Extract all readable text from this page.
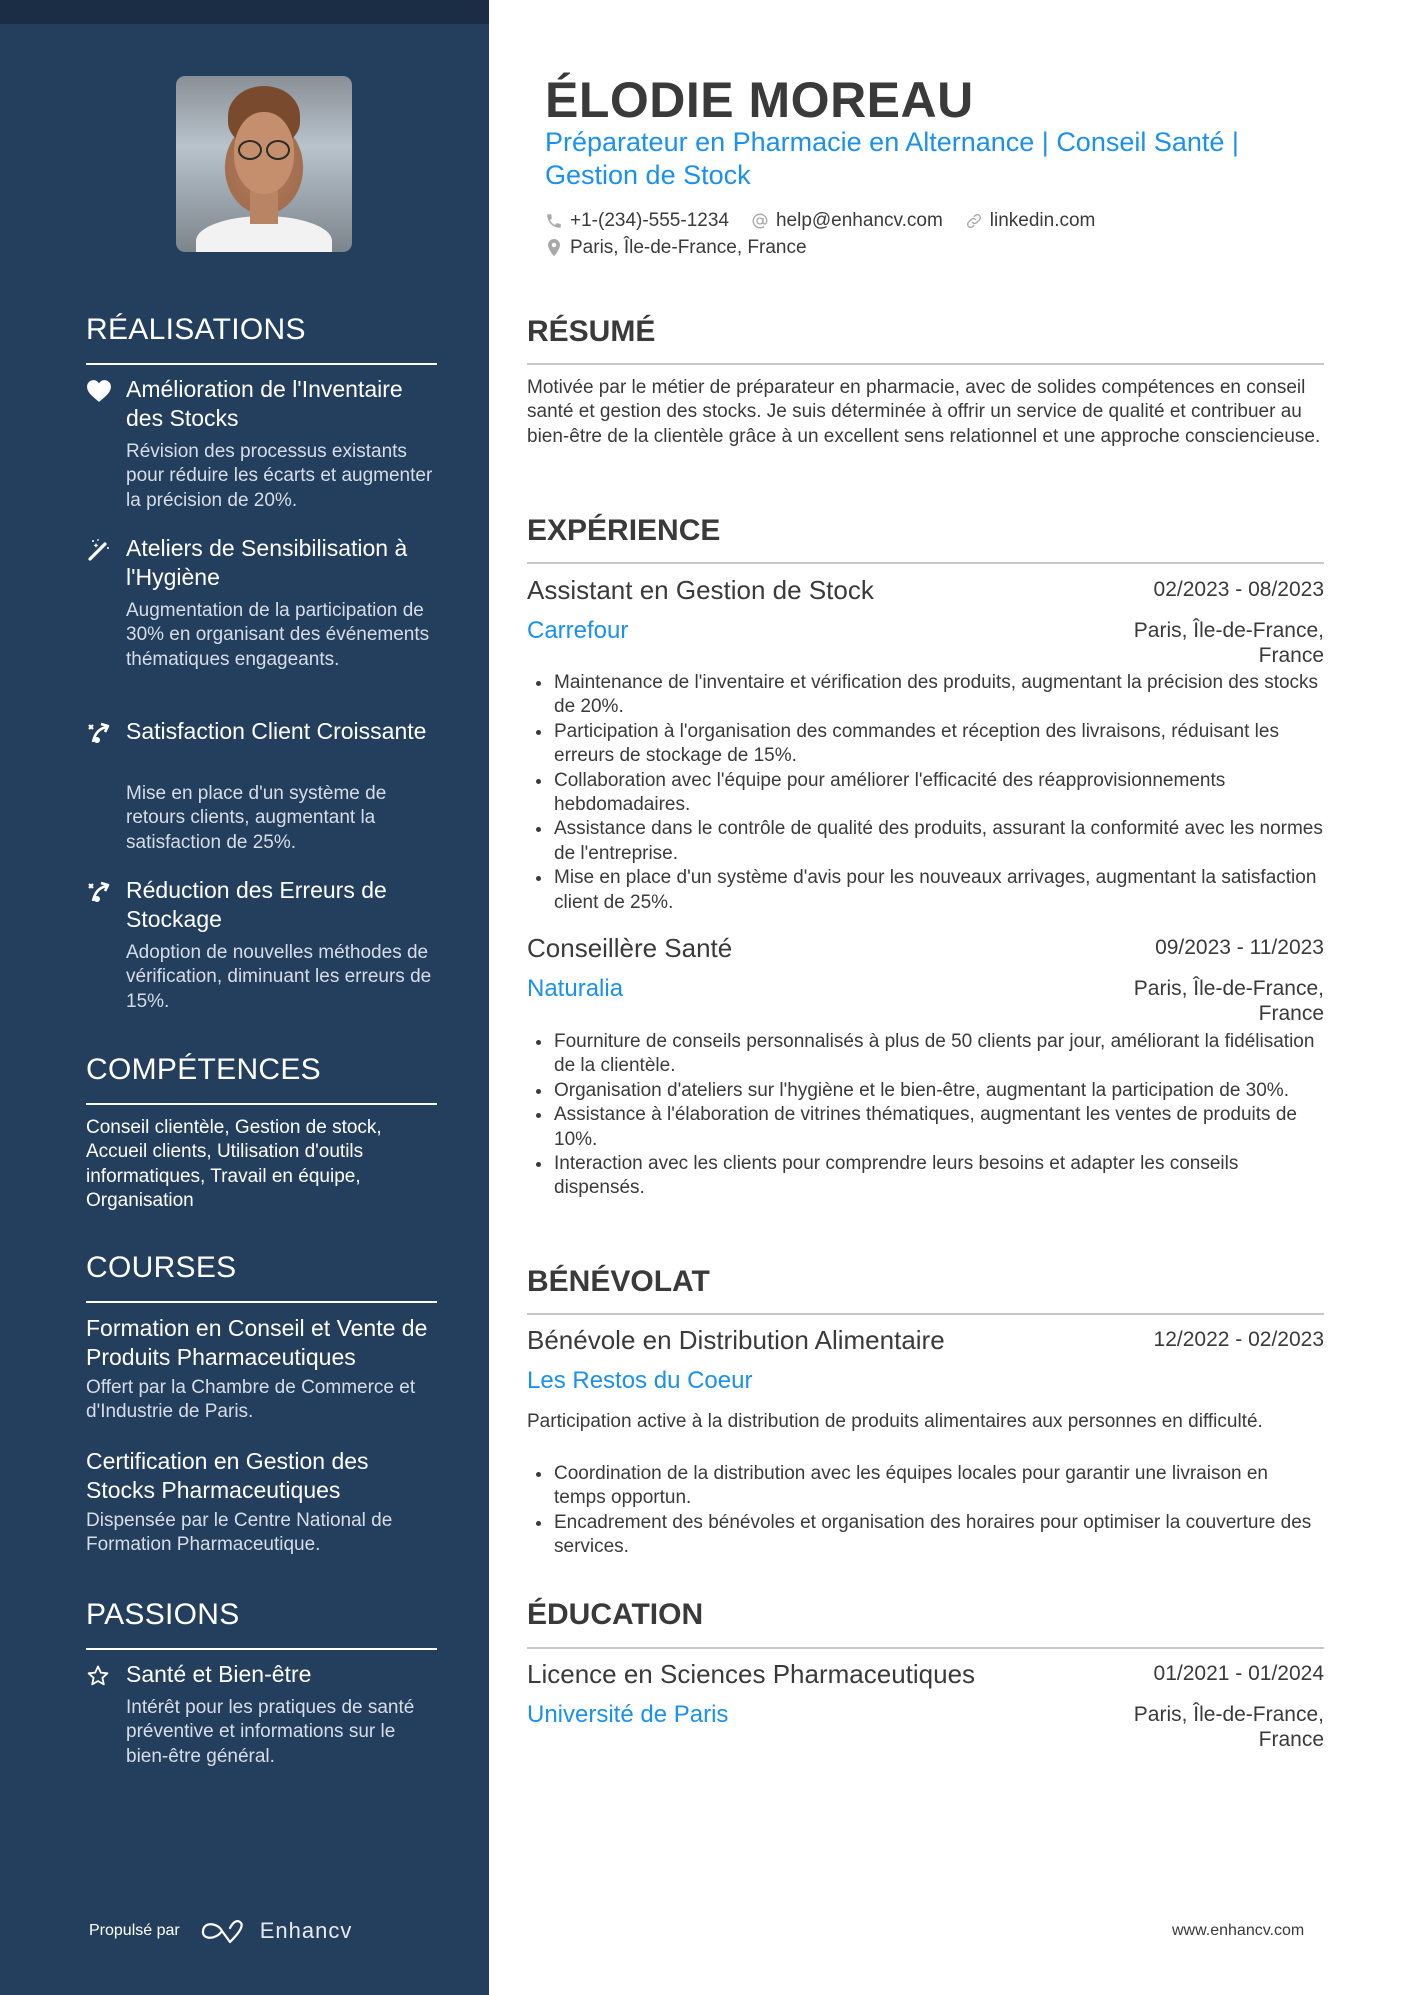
RÉALISATIONS
Amélioration de l'Inventaire des Stocks
Révision des processus existants pour réduire les écarts et augmenter la précision de 20%.
Ateliers de Sensibilisation à l'Hygiène
Augmentation de la participation de 30% en organisant des événements thématiques engageants.
Satisfaction Client Croissante
Mise en place d'un système de retours clients, augmentant la satisfaction de 25%.
Réduction des Erreurs de Stockage
Adoption de nouvelles méthodes de vérification, diminuant les erreurs de 15%.
COMPÉTENCES
Conseil clientèle, Gestion de stock, Accueil clients, Utilisation d'outils informatiques, Travail en équipe, Organisation
COURSES
Formation en Conseil et Vente de Produits Pharmaceutiques
Offert par la Chambre de Commerce et d'Industrie de Paris.
Certification en Gestion des Stocks Pharmaceutiques
Dispensée par le Centre National de Formation Pharmaceutique.
PASSIONS
Santé et Bien-être
Intérêt pour les pratiques de santé préventive et informations sur le bien-être général.
Propulsé par	Enhancv
ÉLODIE MOREAU
Préparateur en Pharmacie en Alternance | Conseil Santé | Gestion de Stock
+1-(234)-555-1234 help@enhancv.com linkedin.com
Paris, Île-de-France, France
RÉSUMÉ

Motivée par le métier de préparateur en pharmacie, avec de solides compétences en conseil santé et gestion des stocks. Je suis déterminée à offrir un service de qualité et contribuer au bien-être de la clientèle grâce à un excellent sens relationnel et une approche consciencieuse.

EXPÉRIENCE
Assistant en Gestion de Stock	02/2023 - 08/2023
Carrefour	Paris, Île-de-France, France
Maintenance de l'inventaire et vérification des produits, augmentant la précision des stocks de 20%.
Participation à l'organisation des commandes et réception des livraisons, réduisant les erreurs de stockage de 15%.
Collaboration avec l'équipe pour améliorer l'efficacité des réapprovisionnements hebdomadaires.
Assistance dans le contrôle de qualité des produits, assurant la conformité avec les normes de l'entreprise.
Mise en place d'un système d'avis pour les nouveaux arrivages, augmentant la satisfaction client de 25%.
Conseillère Santé	09/2023 - 11/2023
Naturalia	Paris, Île-de-France, France
Fourniture de conseils personnalisés à plus de 50 clients par jour, améliorant la fidélisation de la clientèle.
Organisation d'ateliers sur l'hygiène et le bien-être, augmentant la participation de 30%.
Assistance à l'élaboration de vitrines thématiques, augmentant les ventes de produits de 10%.
Interaction avec les clients pour comprendre leurs besoins et adapter les conseils dispensés.
BÉNÉVOLAT
Bénévole en Distribution Alimentaire	12/2022 - 02/2023
Les Restos du Coeur

Participation active à la distribution de produits alimentaires aux personnes en difficulté.

Coordination de la distribution avec les équipes locales pour garantir une livraison en temps opportun.
Encadrement des bénévoles et organisation des horaires pour optimiser la couverture des services.
ÉDUCATION
Licence en Sciences Pharmaceutiques	01/2021 - 01/2024
Université de Paris	Paris, Île-de-France, France
www.enhancv.com
